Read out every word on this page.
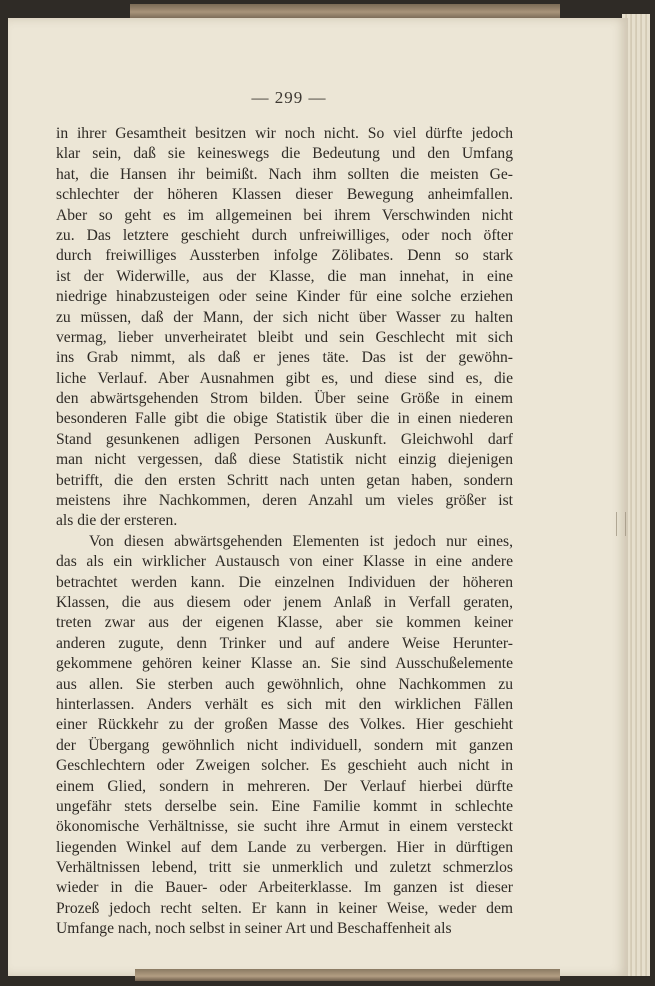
— 299 —
in ihrer Gesamtheit besitzen wir noch nicht. So viel dürfte jedoch
klar sein, daß sie keineswegs die Bedeutung und den Umfang
hat, die Hansen ihr beimißt. Nach ihm sollten die meisten Ge-
schlechter der höheren Klassen dieser Bewegung anheimfallen.
Aber so geht es im allgemeinen bei ihrem Verschwinden nicht
zu. Das letztere geschieht durch unfreiwilliges, oder noch öfter
durch freiwilliges Aussterben infolge Zölibates. Denn so stark
ist der Widerwille, aus der Klasse, die man innehat, in eine
niedrige hinabzusteigen oder seine Kinder für eine solche erziehen
zu müssen, daß der Mann, der sich nicht über Wasser zu halten
vermag, lieber unverheiratet bleibt und sein Geschlecht mit sich
ins Grab nimmt, als daß er jenes täte. Das ist der gewöhn-
liche Verlauf. Aber Ausnahmen gibt es, und diese sind es, die
den abwärtsgehenden Strom bilden. Über seine Größe in einem
besonderen Falle gibt die obige Statistik über die in einen niederen
Stand gesunkenen adligen Personen Auskunft. Gleichwohl darf
man nicht vergessen, daß diese Statistik nicht einzig diejenigen
betrifft, die den ersten Schritt nach unten getan haben, sondern
meistens ihre Nachkommen, deren Anzahl um vieles größer ist
als die der ersteren.
Von diesen abwärtsgehenden Elementen ist jedoch nur eines,
das als ein wirklicher Austausch von einer Klasse in eine andere
betrachtet werden kann. Die einzelnen Individuen der höheren
Klassen, die aus diesem oder jenem Anlaß in Verfall geraten,
treten zwar aus der eigenen Klasse, aber sie kommen keiner
anderen zugute, denn Trinker und auf andere Weise Herunter-
gekommene gehören keiner Klasse an. Sie sind Ausschußelemente
aus allen. Sie sterben auch gewöhnlich, ohne Nachkommen zu
hinterlassen. Anders verhält es sich mit den wirklichen Fällen
einer Rückkehr zu der großen Masse des Volkes. Hier geschieht
der Übergang gewöhnlich nicht individuell, sondern mit ganzen
Geschlechtern oder Zweigen solcher. Es geschieht auch nicht in
einem Glied, sondern in mehreren. Der Verlauf hierbei dürfte
ungefähr stets derselbe sein. Eine Familie kommt in schlechte
ökonomische Verhältnisse, sie sucht ihre Armut in einem versteckt
liegenden Winkel auf dem Lande zu verbergen. Hier in dürftigen
Verhältnissen lebend, tritt sie unmerklich und zuletzt schmerzlos
wieder in die Bauer- oder Arbeiterklasse. Im ganzen ist dieser
Prozeß jedoch recht selten. Er kann in keiner Weise, weder dem
Umfange nach, noch selbst in seiner Art und Beschaffenheit als
